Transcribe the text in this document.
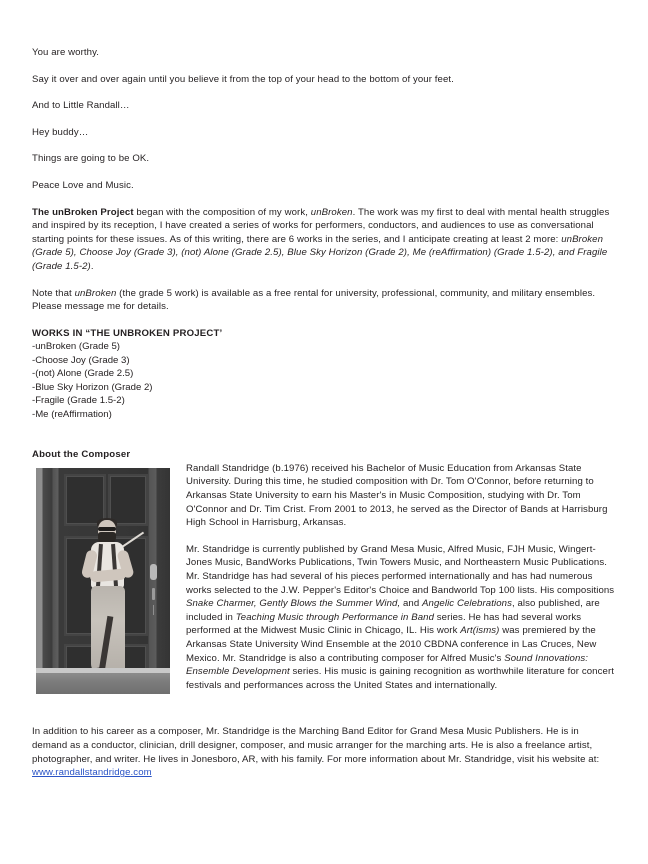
You are worthy.

Say it over and over again until you believe it from the top of your head to the bottom of your feet.

And to Little Randall…

Hey buddy…

Things are going to be OK.

Peace Love and Music.

The unBroken Project began with the composition of my work, unBroken. The work was my first to deal with mental health struggles and inspired by its reception, I have created a series of works for performers, conductors, and audiences to use as conversational starting points for these issues. As of this writing, there are 6 works in the series, and I anticipate creating at least 2 more: unBroken (Grade 5), Choose Joy (Grade 3), (not) Alone (Grade 2.5), Blue Sky Horizon (Grade 2), Me (reAffirmation) (Grade 1.5-2), and Fragile (Grade 1.5-2).

Note that unBroken (the grade 5 work) is available as a free rental for university, professional, community, and military ensembles. Please message me for details.

WORKS IN “THE UNBROKEN PROJECT’

-unBroken (Grade 5)

-Choose Joy (Grade 3)

-(not) Alone (Grade 2.5)

-Blue Sky Horizon (Grade 2)

-Fragile (Grade 1.5-2)

-Me (reAffirmation)

About the Composer

Randall Standridge (b.1976) received his Bachelor of Music Education from Arkansas State University. During this time, he studied composition with Dr. Tom O'Connor, before returning to Arkansas State University to earn his Master's in Music Composition, studying with Dr. Tom O'Connor and Dr. Tim Crist. From 2001 to 2013, he served as the Director of Bands at Harrisburg High School in Harrisburg, Arkansas.

Mr. Standridge is currently published by Grand Mesa Music, Alfred Music, FJH Music, Wingert-Jones Music, BandWorks Publications, Twin Towers Music, and Northeastern Music Publications. Mr. Standridge has had several of his pieces performed internationally and has had numerous works selected to the J.W. Pepper's Editor's Choice and Bandworld Top 100 lists. His compositions Snake Charmer, Gently Blows the Summer Wind, and Angelic Celebrations, also published, are included in Teaching Music through Performance in Band series. He has had several works performed at the Midwest Music Clinic in Chicago, IL. His work Art(isms) was premiered by the Arkansas State University Wind Ensemble at the 2010 CBDNA conference in Las Cruces, New Mexico. Mr. Standridge is also a contributing composer for Alfred Music's Sound Innovations: Ensemble Development series. His music is gaining recognition as worthwhile literature for concert festivals and performances across the United States and internationally.

In addition to his career as a composer, Mr. Standridge is the Marching Band Editor for Grand Mesa Music Publishers. He is in demand as a conductor, clinician, drill designer, composer, and music arranger for the marching arts. He is also a freelance artist, photographer, and writer. He lives in Jonesboro, AR, with his family. For more information about Mr. Standridge, visit his website at: www.randallstandridge.com
